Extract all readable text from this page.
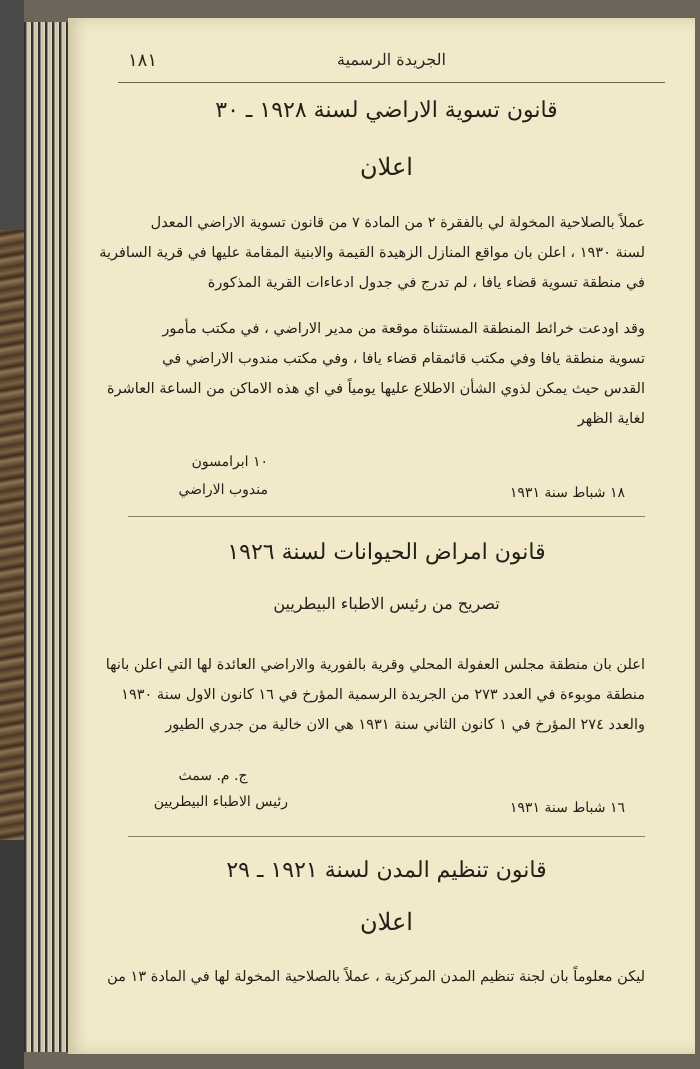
الجريدة الرسمية
١٨١
قانون تسوية الاراضي لسنة ١٩٢٨ ـ ٣٠
اعلان
عملاً بالصلاحية المخولة لي بالفقرة ٢ من المادة ٧ من قانون تسوية الاراضي المعدل
لسنة ١٩٣٠ ، اعلن بان مواقع المنازل الزهيدة القيمة والابنية المقامة عليها في قرية السافرية
في منطقة تسوية قضاء يافا ، لم تدرج في جدول ادعاءات القرية المذكورة
وقد اودعت خرائط المنطقة المستثناة موقعة من مدير الاراضي ، في مكتب مأمور
تسوية منطقة يافا وفي مكتب قائمقام قضاء يافا ، وفي مكتب مندوب الاراضي في
القدس حيث يمكن لذوي الشأن الاطلاع عليها يومياً في اي هذه الاماكن من الساعة العاشرة
لغاية الظهر
١٠ ابرامسون
مندوب الاراضي	١٨ شباط سنة ١٩٣١
قانون امراض الحيوانات لسنة ١٩٢٦
تصريح من رئيس الاطباء البيطريين
اعلن بان منطقة مجلس العفولة المحلي وقرية بالفورية والاراضي العائدة لها التي اعلن بانها
منطقة موبوءة في العدد ٢٧٣ من الجريدة الرسمية المؤرخ في ١٦ كانون الاول سنة ١٩٣٠
والعدد ٢٧٤ المؤرخ في ١ كانون الثاني سنة ١٩٣١ هي الان خالية من جدري الطيور
ج. م. سمث
رئيس الاطباء البيطريين	١٦ شباط سنة ١٩٣١
قانون تنظيم المدن لسنة ١٩٢١ ـ ٢٩
اعلان
ليكن معلوماً بان لجنة تنظيم المدن المركزية ، عملاً بالصلاحية المخولة لها في المادة ١٣ من
